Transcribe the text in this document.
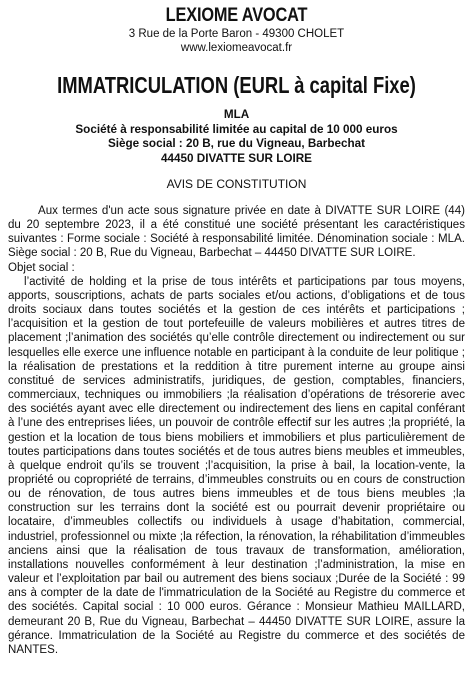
LEXIOME AVOCAT
3 Rue de la Porte Baron - 49300 CHOLET
www.lexiomeavocat.fr
IMMATRICULATION (EURL à capital Fixe)
MLA
Société à responsabilité limitée au capital de 10 000 euros
Siège social : 20 B, rue du Vigneau, Barbechat
44450 DIVATTE SUR LOIRE
AVIS DE CONSTITUTION

Aux termes d'un acte sous signature privée en date à DIVATTE SUR LOIRE (44) du 20 septembre 2023, il a été constitué une société présentant les caractéristiques suivantes : Forme sociale : Société à responsabilité limitée. Dénomination sociale : MLA. Siège social : 20 B, Rue du Vigneau, Barbechat – 44450 DIVATTE SUR LOIRE.

Objet social :

l’activité de holding et la prise de tous intérêts et participations par tous moyens, apports, souscriptions, achats de parts sociales et/ou actions, d’obligations et de tous droits sociaux dans toutes sociétés et la gestion de ces intérêts et participations ; l’acquisition et la gestion de tout portefeuille de valeurs mobilières et autres titres de placement ;l’animation des sociétés qu’elle contrôle directement ou indirectement ou sur lesquelles elle exerce une influence notable en participant à la conduite de leur politique ; la réalisation de prestations et la reddition à titre purement interne au groupe ainsi constitué de services administratifs, juridiques, de gestion, comptables, financiers, commerciaux, techniques ou immobiliers ;la réalisation d’opérations de trésorerie avec des sociétés ayant avec elle directement ou indirectement des liens en capital conférant à l’une des entreprises liées, un pouvoir de contrôle effectif sur les autres ;la propriété, la gestion et la location de tous biens mobiliers et immobiliers et plus particulièrement de toutes participations dans toutes sociétés et de tous autres biens meubles et immeubles, à quelque endroit qu’ils se trouvent ;l’acquisition, la prise à bail, la location-vente, la propriété ou copropriété de terrains, d’immeubles construits ou en cours de construction ou de rénovation, de tous autres biens immeubles et de tous biens meubles ;la construction sur les terrains dont la société est ou pourrait devenir propriétaire ou locataire, d’immeubles collectifs ou individuels à usage d’habitation, commercial, industriel, professionnel ou mixte ;la réfection, la rénovation, la réhabilitation d’immeubles anciens ainsi que la réalisation de tous travaux de transformation, amélioration, installations nouvelles conformément à leur destination ;l’administration, la mise en valeur et l’exploitation par bail ou autrement des biens sociaux ;Durée de la Société : 99 ans à compter de la date de l'immatriculation de la Société au Registre du commerce et des sociétés. Capital social : 10 000 euros. Gérance : Monsieur Mathieu MAILLARD, demeurant 20 B, Rue du Vigneau, Barbechat – 44450 DIVATTE SUR LOIRE, assure la gérance. Immatriculation de la Société au Registre du commerce et des sociétés de NANTES.
